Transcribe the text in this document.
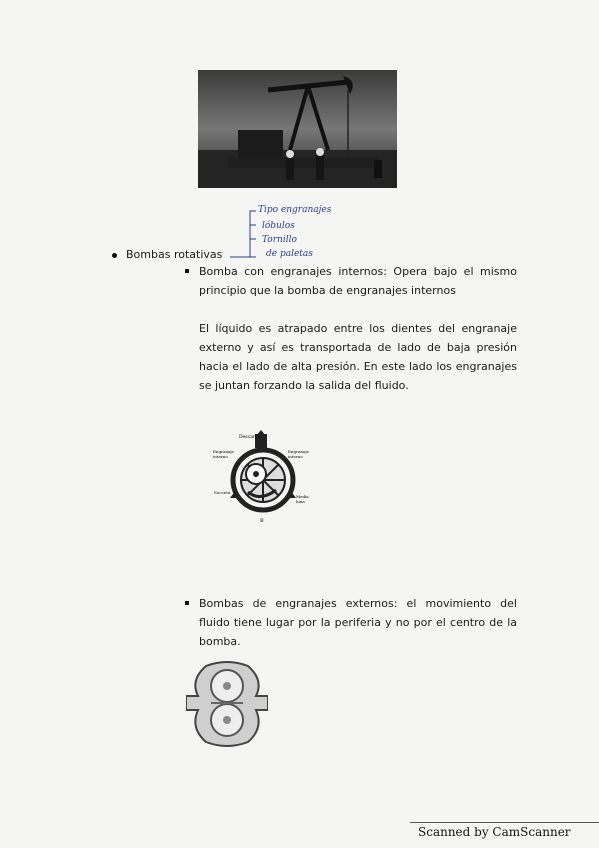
Tipo engranajes
lóbulos
Tornillo
de paletas
Bombas rotativas
Bomba con engranajes internos: Opera bajo el mismo principio que la bomba de engranajes internos
El líquido es atrapado entre los dientes del engranaje externo y así es transportada de lado de baja presión hacia el lado de alta presión. En este lado los engranajes se juntan forzando la salida del fluido.
Descarga
Engranaje
interno
Engranaje
interno
Succión
Media
luna
B
Bombas de engranajes externos: el movimiento del fluido tiene lugar por la periferia y no por el centro de la bomba.
Scanned by CamScanner
